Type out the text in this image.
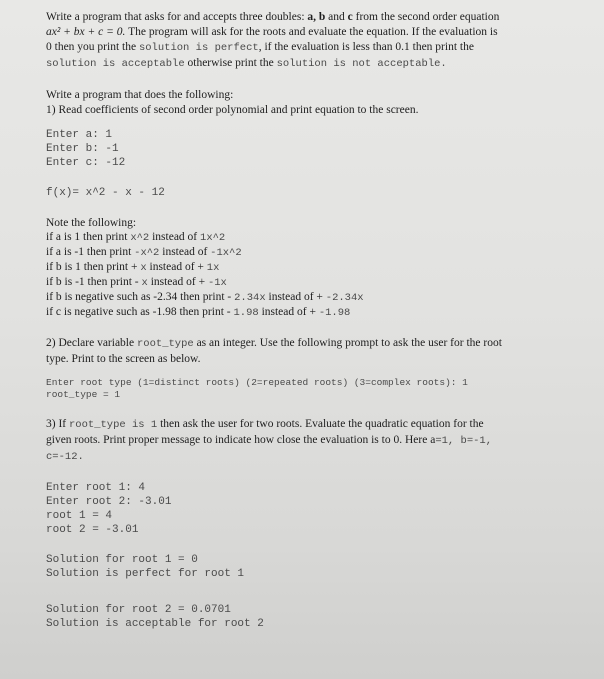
Write a program that asks for and accepts three doubles: a, b and c from the second order equation

ax² + bx + c = 0. The program will ask for the roots and evaluate the equation. If the evaluation is

0 then you print the solution is perfect, if the evaluation is less than 0.1 then print the

solution is acceptable otherwise print the solution is not acceptable.

Write a program that does the following:

1) Read coefficients of second order polynomial and print equation to the screen.

Enter a: 1
Enter b: -1
Enter c: -12
f(x)= x^2 - x - 12

Note the following:

if a is 1 then print x^2 instead of 1x^2

if a is -1 then print -x^2 instead of -1x^2

if b is 1 then print + x instead of + 1x

if b is -1 then print - x instead of + -1x

if b is negative such as -2.34 then print - 2.34x instead of + -2.34x

if c is negative such as -1.98 then print - 1.98 instead of + -1.98

2) Declare variable root_type as an integer. Use the following prompt to ask the user for the root

type. Print to the screen as below.

Enter root type (1=distinct roots) (2=repeated roots) (3=complex roots): 1
root_type = 1

3) If root_type is 1 then ask the user for two roots. Evaluate the quadratic equation for the

given roots. Print proper message to indicate how close the evaluation is to 0. Here a=1, b=-1,

c=-12.

Enter root 1: 4
Enter root 2: -3.01
root 1 = 4
root 2 = -3.01
Solution for root 1 = 0
Solution is perfect for root 1
Solution for root 2 = 0.0701
Solution is acceptable for root 2
